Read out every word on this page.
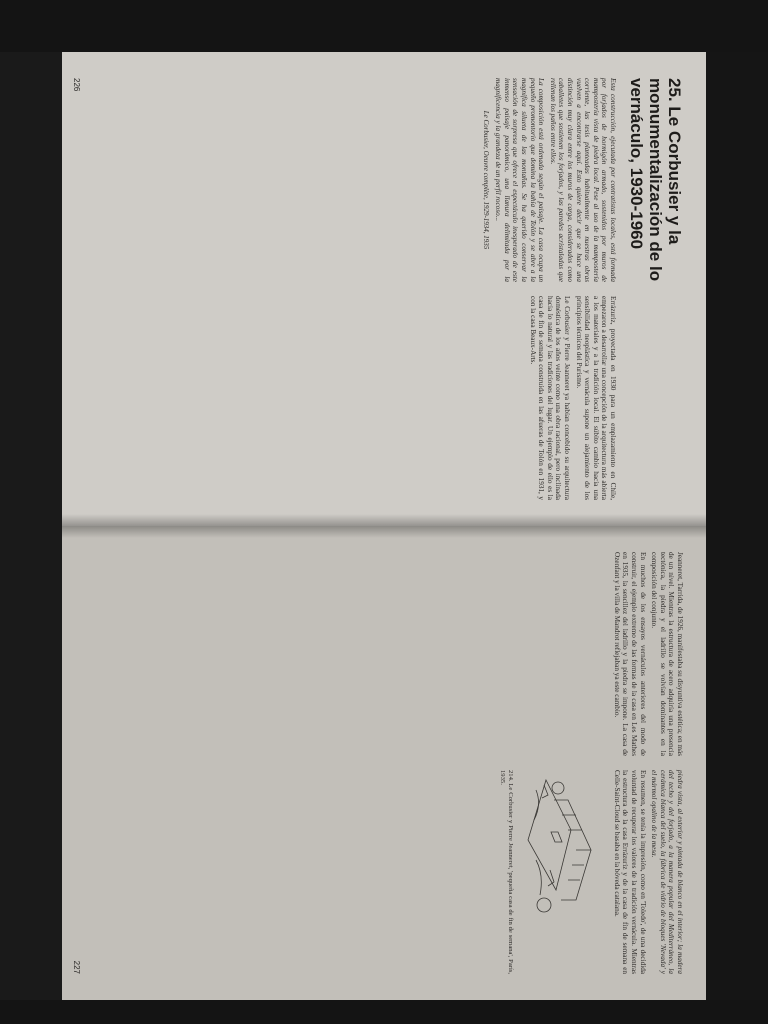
25. Le Corbusier y la monumentalización de lo vernáculo, 1930-1960

Esta construcción, ejecutada por contratistas locales, está formada por forjados de hormigón armado, sostenidos por muros de mampostería vista de piedra local. Pese al uso de la mampostería corriente, las tesis planteadas habitualmente en nuestras obras vuelven a encontrarse aquí. Esto quiere decir que se hace una distinción muy clara entre los muros de carga, considerados como caballetes que sostienen los forjados, y las paredes acristaladas que rellenan los paños entre ellos.

La composición está ordenada según el paisaje. La casa ocupa un pequeño promontorio que domina la bahía de Tolón y se abre a la magnífica silueta de las montañas. Se ha querido conservar la sensación de sorpresa que ofrece el espectáculo inesperado de este inmenso paisaje panorámico, una llanura delimitada por la magnificencia y la grandeza de un perfil rocoso...

Le Corbusier, Oeuvre complète, 1929-1934, 1935

Errázuriz, proyectada en 1930 para un emplazamiento en Chile, empezaron a desarrollar una concepción de la arquitectura más abierta a los materiales y a la tradición local. El súbito cambio hacia una sensibilidad neoplástica y vernácula supone un alejamiento de los principios técnicos del Purismo.

Le Corbusier y Pierre Jeanneret ya habían concebido su arquitectura doméstica de los años veinte como una obra racional, pero inclinada hacia lo natural y las tradiciones del lugar. Un ejemplo de ello es la casa de fin de semana construida en las afueras de Tolón en 1931, y con la casa Beaux-Arts.

226

Jeanneret, Tarrida, de 1926, manifestaba su disyuntiva estética; en más de un nivel. Mientras la estructura de acero adquiría una presencia tectónica, la piedra y el ladrillo se volvían dominantes en la composición del conjunto.

En muchos de los ensayos vernáculos anteriores del modo de construir, el ejemplo extremo de las formas de la casa en Les Mathes en 1935, la sencillez del ladrillo y la piedra se impone. La casa de Ozenfant y la villa de Mandrot reflejaban ya este cambio.

piedra vista, al exterior y pintada de blanco en el interior; la madera del techo y del forjado, a la manera popular del Mediterráneo, la cerámica blanca del suelo, la fábrica de vidrio de bloques 'Nevada' y el mármol opalino de la mesa.

En resumen, se tenía la impresión, como en 'Toledo', de una decidida voluntad de recuperar los valores de la tradición vernácula. Mientras la estructura de la casa Errázuriz y de la casa de fin de semana en Celle-Saint-Cloud se basaba en la bóveda catalana.

214. Le Corbusier y Pierre Jeanneret, 'pequeña casa de fin de semana', París, 1935.
227
